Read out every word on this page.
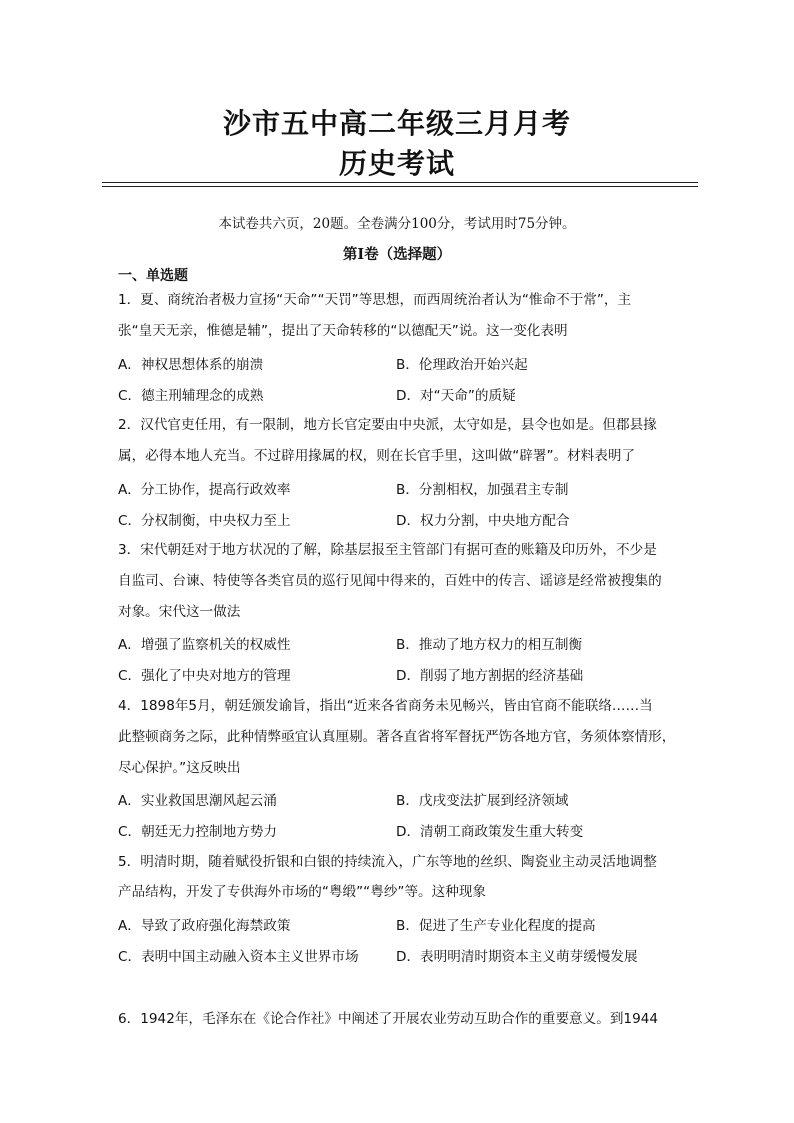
沙市五中高二年级三月月考
历史考试
本试卷共六页，20题。全卷满分100分，考试用时75分钟。
第Ⅰ卷（选择题）
一、单选题
1．夏、商统治者极力宣扬“天命”“天罚”等思想，而西周统治者认为“惟命不于常”，主
张“皇天无亲，惟德是辅”，提出了天命转移的“以德配天”说。这一变化表明
A．神权思想体系的崩溃	B．伦理政治开始兴起
C．德主刑辅理念的成熟	D．对“天命”的质疑
2．汉代官吏任用，有一限制，地方长官定要由中央派，太守如是，县令也如是。但郡县掾
属，必得本地人充当。不过辟用掾属的权，则在长官手里，这叫做“辟署”。材料表明了
A．分工协作，提高行政效率	B．分割相权，加强君主专制
C．分权制衡，中央权力至上	D．权力分割，中央地方配合
3．宋代朝廷对于地方状况的了解，除基层报至主管部门有据可查的账籍及印历外，不少是
自监司、台谏、特使等各类官员的巡行见闻中得来的，百姓中的传言、谣谚是经常被搜集的
对象。宋代这一做法
A．增强了监察机关的权威性	B．推动了地方权力的相互制衡
C．强化了中央对地方的管理	D．削弱了地方割据的经济基础
4．1898年5月，朝廷颁发谕旨，指出“近来各省商务未见畅兴，皆由官商不能联络……当
此整顿商务之际，此种情弊亟宜认真厘剔。著各直省将军督抚严饬各地方官，务须体察情形，
尽心保护。”这反映出
A．实业救国思潮风起云涌	B．戊戌变法扩展到经济领域
C．朝廷无力控制地方势力	D．清朝工商政策发生重大转变
5．明清时期，随着赋役折银和白银的持续流入，广东等地的丝织、陶瓷业主动灵活地调整
产品结构，开发了专供海外市场的“粤缎”“粤纱”等。这种现象
A．导致了政府强化海禁政策	B．促进了生产专业化程度的提高
C．表明中国主动融入资本主义世界市场	D．表明明清时期资本主义萌芽缓慢发展
6．1942年，毛泽东在《论合作社》中阐述了开展农业劳动互助合作的重要意义。到1944
